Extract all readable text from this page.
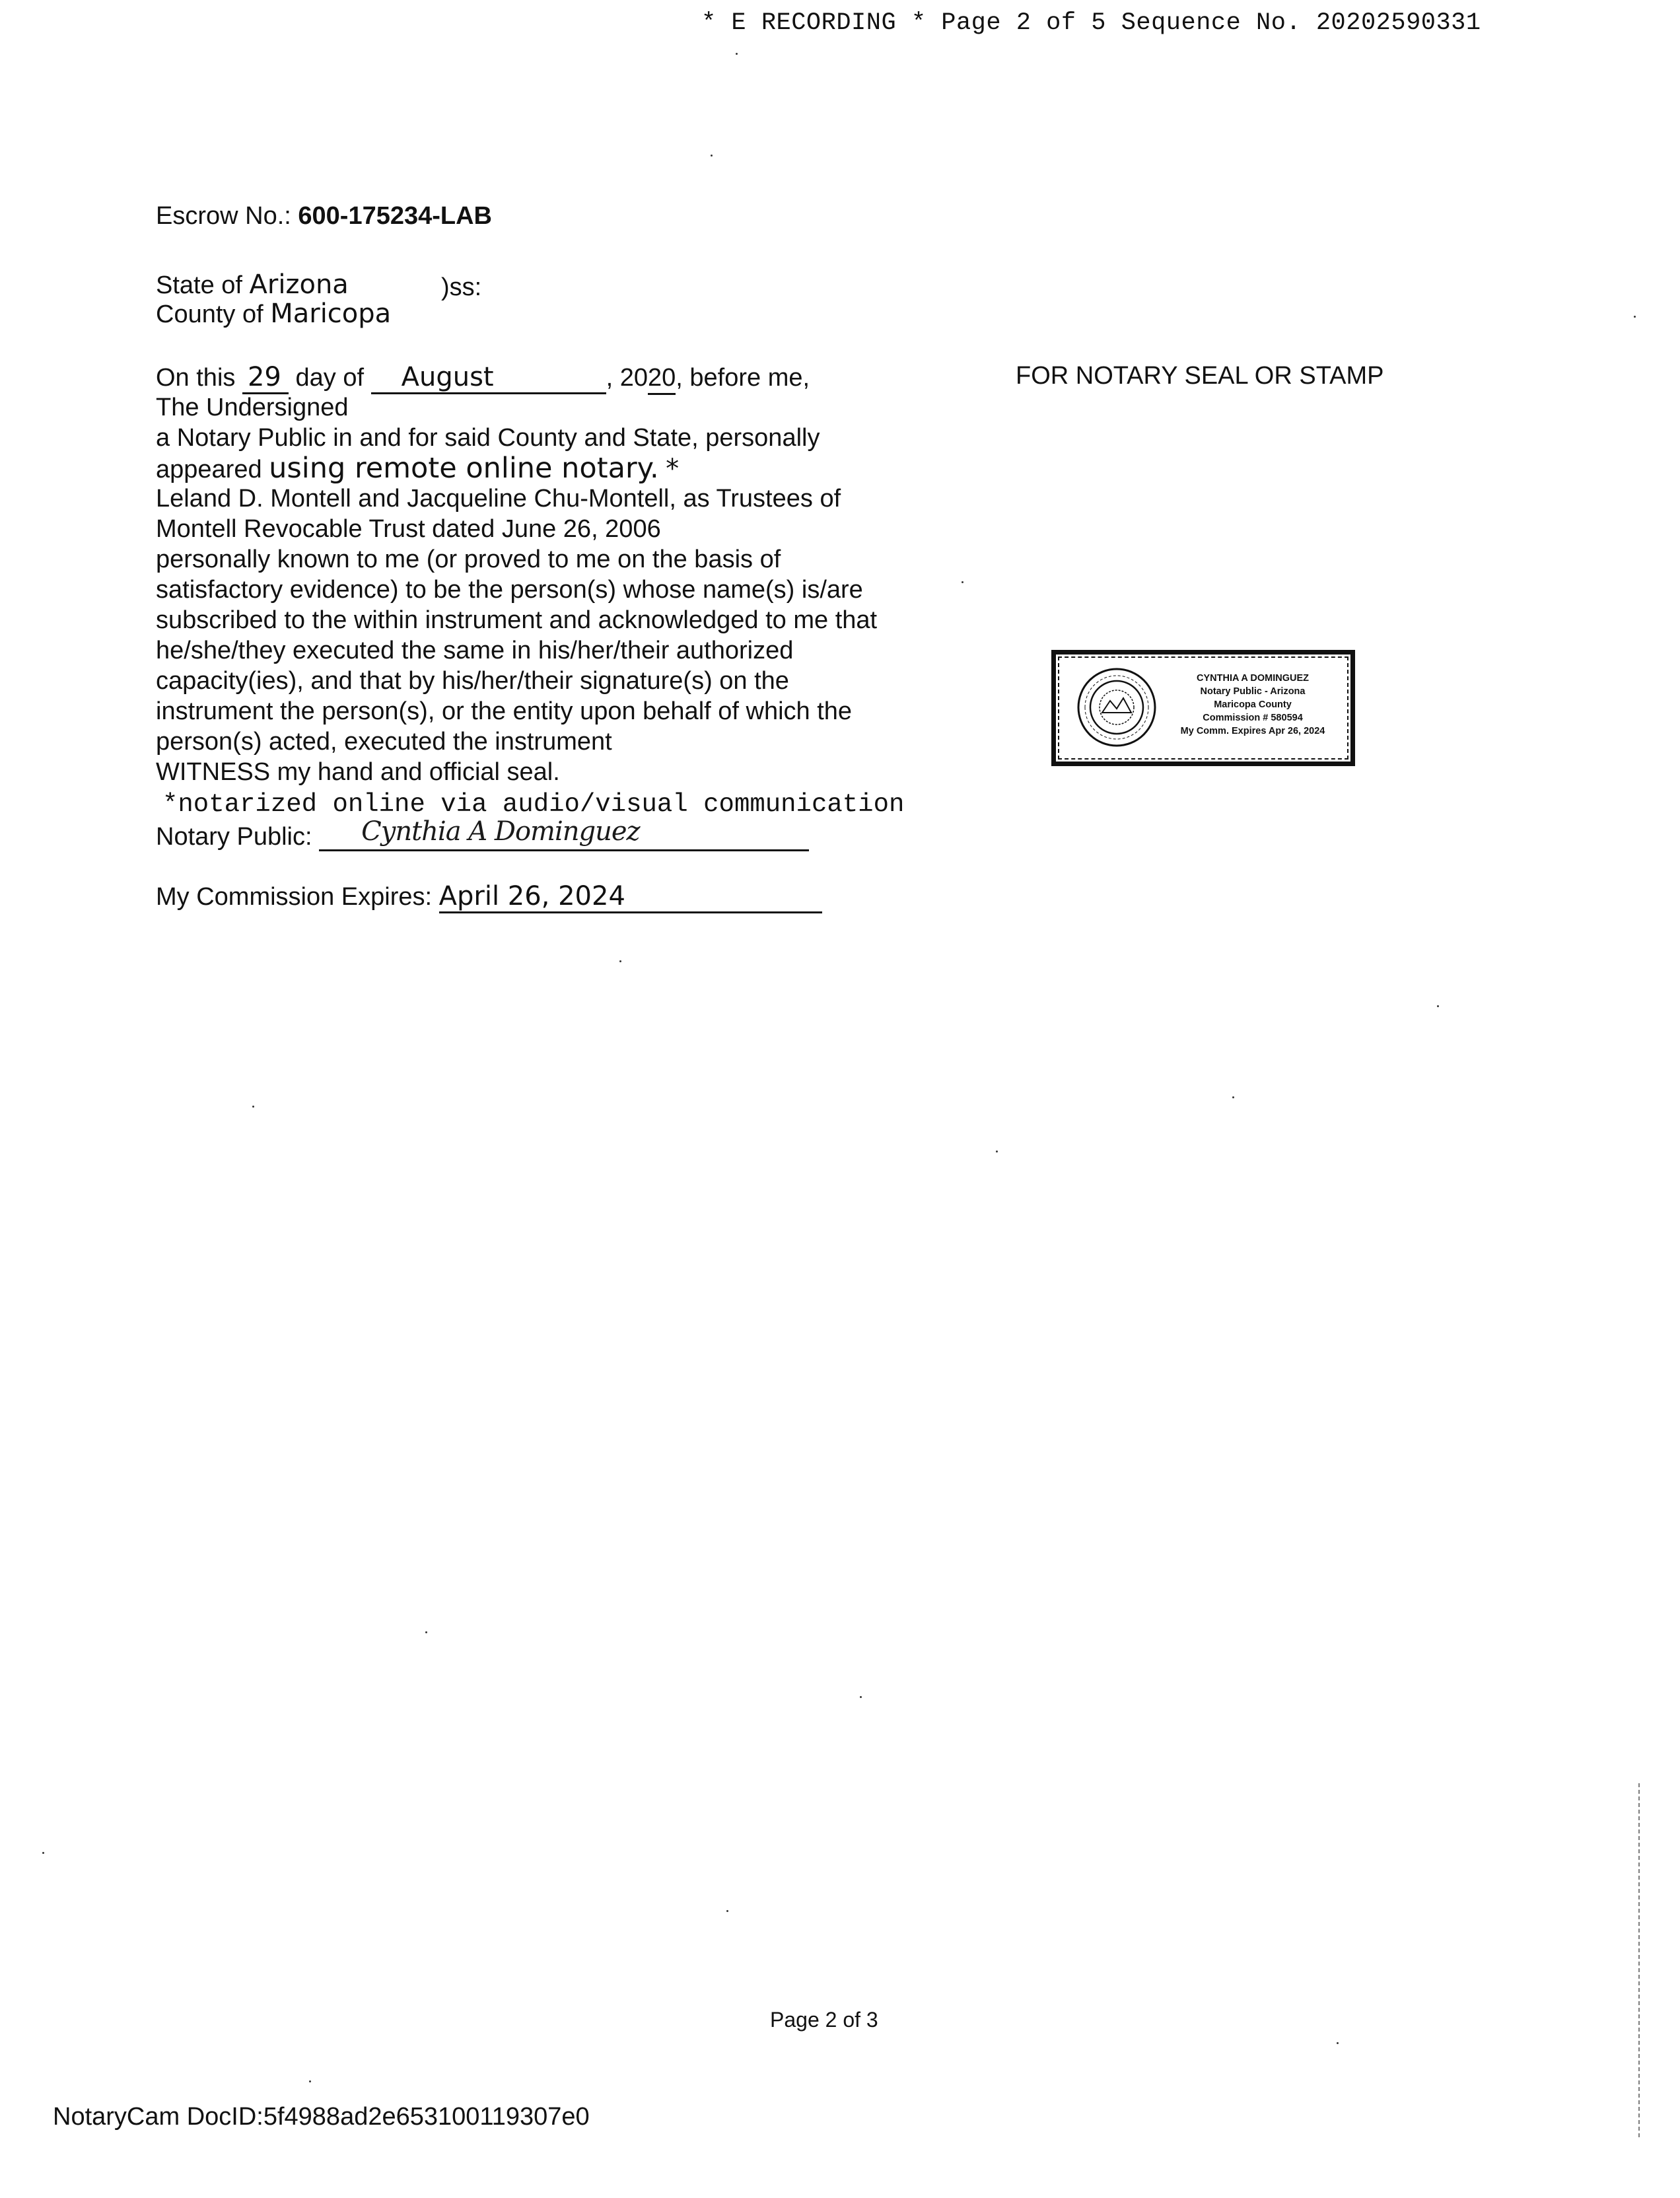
* E RECORDING * Page 2 of 5 Sequence No. 20202590331
Escrow No.: 600-175234-LAB
State of Arizona	)ss:
County of Maricopa
On this 29 day of August	, 2020, before me,
The Undersigned
a Notary Public in and for said County and State, personally
appeared using remote online notary. *
Leland D. Montell and Jacqueline Chu-Montell, as Trustees of
Montell Revocable Trust dated June 26, 2006
personally known to me (or proved to me on the basis of
satisfactory evidence) to be the person(s) whose name(s) is/are
subscribed to the within instrument and acknowledged to me that
he/she/they executed the same in his/her/their authorized
capacity(ies), and that by his/her/their signature(s) on the
instrument the person(s), or the entity upon behalf of which the
person(s) acted, executed the instrument
WITNESS my hand and official seal.
*notarized online via audio/visual communication
Notary Public: Cynthia A Dominguez
My Commission Expires: April 26, 2024
FOR NOTARY SEAL OR STAMP
CYNTHIA A DOMINGUEZ
Notary Public - Arizona
Maricopa County
Commission # 580594
My Comm. Expires Apr 26, 2024
Page 2 of 3
NotaryCam DocID:5f4988ad2e653100119307e0
